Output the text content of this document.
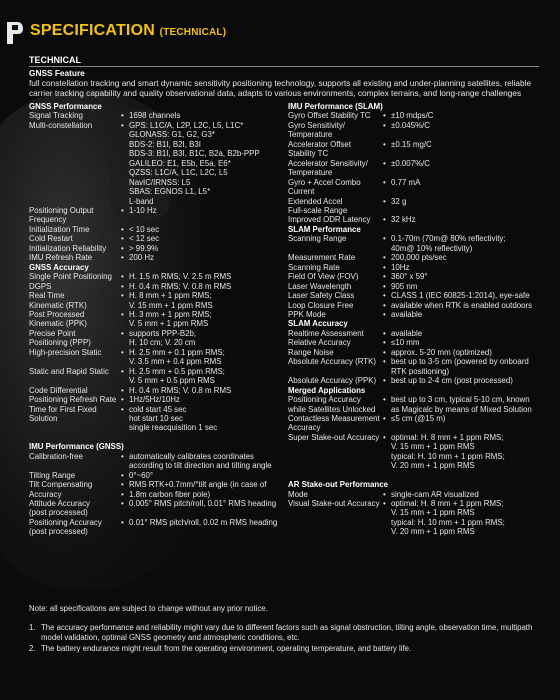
SPECIFICATION (TECHNICAL)
TECHNICAL
GNSS Feature
full constellation tracking and smart dynamic sensitivity positioning technology, supports all existing and under-planning satellites, reliable carrier tracking capability and quality observational data, adapts to various environments, complex terrains, and long-range challenges
GNSS Performance
Signal Tracking	• 1698 channels
Multi-constellation	• GPS: L1C/A, L2P, L2C, L5, L1C*
GLONASS: G1, G2, G3*
BDS-2: B1I, B2I, B3I
BDS-3: B1I, B3I, B1C, B2a, B2b-PPP
GALILEO: E1, E5b, E5a, E6*
QZSS: L1C/A, L1C, L2C, L5
NavIC/IRNSS: L5
SBAS: EGNOS L1, L5*
L-band
Positioning Output	• 1-10 Hz
Frequency
Initialization Time	• < 10 sec
Cold Restart	• < 12 sec
Initialization Reliability	• > 99.9%
IMU Refresh Rate	• 200 Hz
GNSS Accuracy
Single Point Positioning	• H. 1.5 m RMS; V. 2.5 m RMS
DGPS	• H. 0.4 m RMS; V. 0.8 m RMS
Real Time	• H. 8 mm + 1 ppm RMS;
Kinematic (RTK)	V. 15 mm + 1 ppm RMS
Post Processed	• H. 3 mm + 1 ppm RMS;
Kinematic (PPK)	V. 5 mm + 1 ppm RMS
Precise Point	• supports PPP-B2b,
Positioning (PPP)	H. 10 cm; V. 20 cm
High-precision Static	• H. 2.5 mm + 0.1 ppm RMS;
V. 3.5 mm + 0.4 ppm RMS
Static and Rapid Static	• H. 2.5 mm + 0.5 ppm RMS;
V. 5 mm + 0.5 ppm RMS
Code Differential	• H. 0.4 m RMS; V. 0.8 m RMS
Positioning Refresh Rate • 1Hz/5Hz/10Hz
Time for First Fixed	• cold start 45 sec
Solution	hot start 10 sec
single reacquisition 1 sec
IMU Performance (GNSS)
Calibration-free	• automatically calibrates coordinates
according to tilt direction and tilting angle
Tilting Range	• 0°~60°
Tilt Compensating	• RMS RTK+0.7mm/°tilt angle (in case of
Accuracy	• 1.8m carbon fiber pole)
Attitude Accuracy	• 0.005° RMS pitch/roll, 0.01° RMS heading
(post processed)
Positioning Accuracy	• 0.01° RMS pitch/roll, 0.02 m RMS heading
(post processed)
IMU Performance (SLAM)
Gyro Offset Stability TC	• ±10 mdps/C
Gyro Sensitivity/	• ±0.045%/C
Temperature
Accelerator Offset	• ±0.15 mg/C
Stability TC
Accelerator Sensitivity/	• ±0.007%/C
Temperature
Gyro + Accel Combo	• 0.77 mA
Current
Extended Accel	• 32 g
Full-scale Range
Improved ODR Latency	• 32 kHz
SLAM Performance
Scanning Range	• 0.1-70m (70m@ 80% reflectivity;
40m@ 10% reflectivity)
Measurement Rate	• 200,000 pts/sec
Scanning Rate	• 10Hz
Field Of View (FOV)	• 360° x 59°
Laser Wavelength	• 905 nm
Laser Safety Class	• CLASS 1 (IEC 60825-1:2014), eye-safe
Loop Closure Free	• available when RTK is enabled outdoors
PPK Mode	• available
SLAM Accuracy
Realtime Assessment	• available
Relative Accuracy	• ≤10 mm
Range Noise	• approx. 5-20 mm (optimized)
Absolute Accuracy (RTK) • best up to 3-5 cm (powered by onboard
RTK positioning)
Absolute Accuracy (PPK) • best up to 2-4 cm (post processed)
Merged Applications
Positioning Accuracy	• best up to 3 cm, typical 5-10 cm, known
while Satellites Unlocked	as Magicalc by means of Mixed Solution
Contactless Measurement • ≤5 cm (@15 m)
Accuracy
Super Stake-out Accuracy • optimal: H. 8 mm + 1 ppm RMS;
V. 15 mm + 1 ppm RMS
typical: H. 10 mm + 1 ppm RMS;
V. 20 mm + 1 ppm RMS
AR Stake-out Performance
Mode	• single-cam AR visualized
Visual Stake-out Accuracy • optimal: H. 8 mm + 1 ppm RMS;
V. 15 mm + 1 ppm RMS
typical: H. 10 mm + 1 ppm RMS;
V. 20 mm + 1 ppm RMS
Note: all specifications are subject to change without any prior notice.
1. The accuracy performance and reliability might vary due to different factors such as signal obstruction, tilting angle, observation time, multipath model validation, optimal GNSS geometry and atmospheric conditions, etc.
2. The battery endurance might result from the operating environment, operating temperature, and battery life.
